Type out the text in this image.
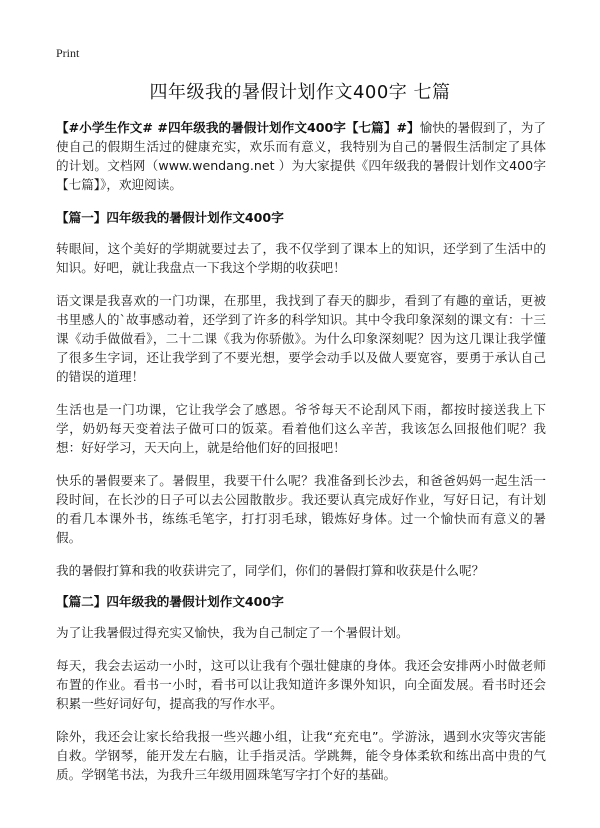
Print
四年级我的暑假计划作文400字 七篇

【#小学生作文# #四年级我的暑假计划作文400字【七篇】#】愉快的暑假到了，为了使自己的假期生活过的健康充实，欢乐而有意义，我特别为自己的暑假生活制定了具体的计划。文档网（www.wendang.net ）为大家提供《四年级我的暑假计划作文400字【七篇】》，欢迎阅读。

【篇一】四年级我的暑假计划作文400字

转眼间，这个美好的学期就要过去了，我不仅学到了课本上的知识，还学到了生活中的知识。好吧，就让我盘点一下我这个学期的收获吧！

语文课是我喜欢的一门功课，在那里，我找到了春天的脚步，看到了有趣的童话，更被书里感人的`故事感动着，还学到了许多的科学知识。其中令我印象深刻的课文有：十三课《动手做做看》，二十二课《我为你骄傲》。为什么印象深刻呢？因为这几课让我学懂了很多生字词，还让我学到了不要光想，要学会动手以及做人要宽容，要勇于承认自己的错误的道理！

生活也是一门功课，它让我学会了感恩。爷爷每天不论刮风下雨，都按时接送我上下学，奶奶每天变着法子做可口的饭菜。看着他们这么辛苦，我该怎么回报他们呢？我想：好好学习，天天向上，就是给他们好的回报吧！

快乐的暑假要来了。暑假里，我要干什么呢？我准备到长沙去，和爸爸妈妈一起生活一段时间，在长沙的日子可以去公园散散步。我还要认真完成好作业，写好日记，有计划的看几本课外书，练练毛笔字，打打羽毛球，锻炼好身体。过一个愉快而有意义的暑假。

我的暑假打算和我的收获讲完了，同学们，你们的暑假打算和收获是什么呢？

【篇二】四年级我的暑假计划作文400字

为了让我暑假过得充实又愉快，我为自己制定了一个暑假计划。

每天，我会去运动一小时，这可以让我有个强壮健康的身体。我还会安排两小时做老师布置的作业。看书一小时，看书可以让我知道许多课外知识，向全面发展。看书时还会积累一些好词好句，提高我的写作水平。

除外，我还会让家长给我报一些兴趣小组，让我“充充电”。学游泳，遇到水灾等灾害能自救。学钢琴，能开发左右脑，让手指灵活。学跳舞，能令身体柔软和练出高中贵的气质。学钢笔书法，为我升三年级用圆珠笔写字打个好的基础。
